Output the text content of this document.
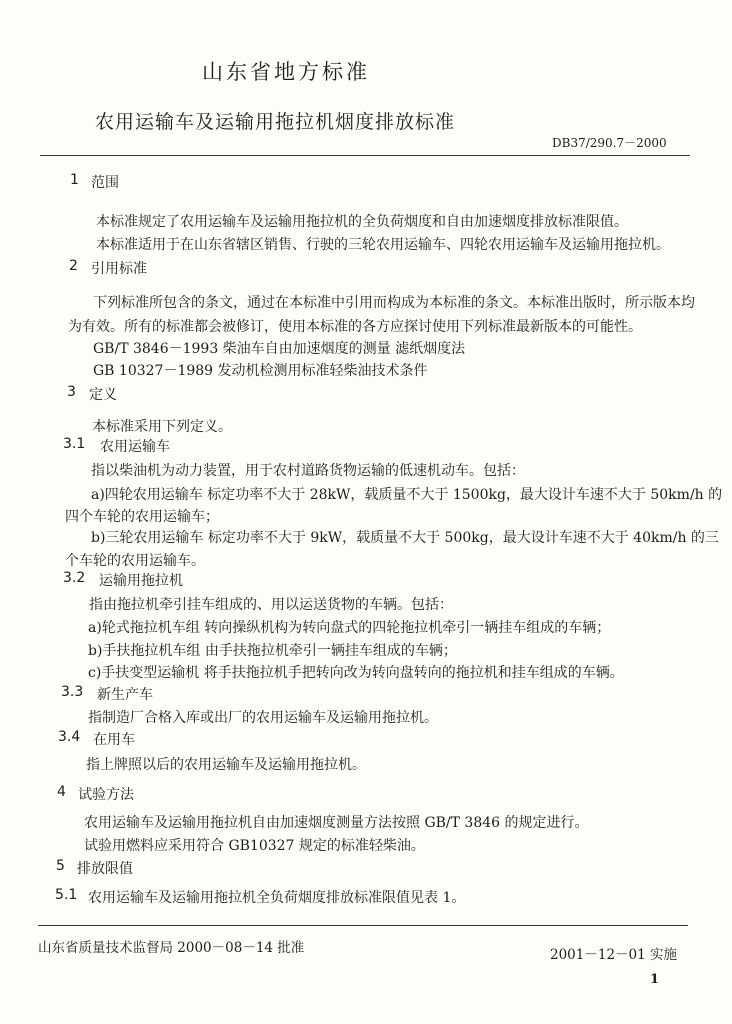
山东省地方标准
农用运输车及运输用拖拉机烟度排放标准
DB37/290.7－2000
1 范围
本标准规定了农用运输车及运输用拖拉机的全负荷烟度和自由加速烟度排放标准限值。
本标准适用于在山东省辖区销售、行驶的三轮农用运输车、四轮农用运输车及运输用拖拉机。
2 引用标准
下列标准所包含的条文，通过在本标准中引用而构成为本标准的条文。本标准出版时，所示版本均
为有效。所有的标准都会被修订，使用本标准的各方应探讨使用下列标准最新版本的可能性。
GB/T 3846－1993 柴油车自由加速烟度的测量 滤纸烟度法
GB 10327－1989 发动机检测用标准轻柴油技术条件
3 定义
本标准采用下列定义。
3.1 农用运输车
指以柴油机为动力装置，用于农村道路货物运输的低速机动车。包括：
a)四轮农用运输车 标定功率不大于 28kW，载质量不大于 1500kg，最大设计车速不大于 50km/h 的
四个车轮的农用运输车；
b)三轮农用运输车 标定功率不大于 9kW，载质量不大于 500kg，最大设计车速不大于 40km/h 的三
个车轮的农用运输车。
3.2 运输用拖拉机
指由拖拉机牵引挂车组成的、用以运送货物的车辆。包括：
a)轮式拖拉机车组 转向操纵机构为转向盘式的四轮拖拉机牵引一辆挂车组成的车辆；
b)手扶拖拉机车组 由手扶拖拉机牵引一辆挂车组成的车辆；
c)手扶变型运输机 将手扶拖拉机手把转向改为转向盘转向的拖拉机和挂车组成的车辆。
3.3 新生产车
指制造厂合格入库或出厂的农用运输车及运输用拖拉机。
3.4 在用车
指上牌照以后的农用运输车及运输用拖拉机。
4 试验方法
农用运输车及运输用拖拉机自由加速烟度测量方法按照 GB/T 3846 的规定进行。
试验用燃料应采用符合 GB10327 规定的标准轻柴油。
5 排放限值
5.1 农用运输车及运输用拖拉机全负荷烟度排放标准限值见表 1。
山东省质量技术监督局 2000－08－14 批准	2001－12－01 实施
1
